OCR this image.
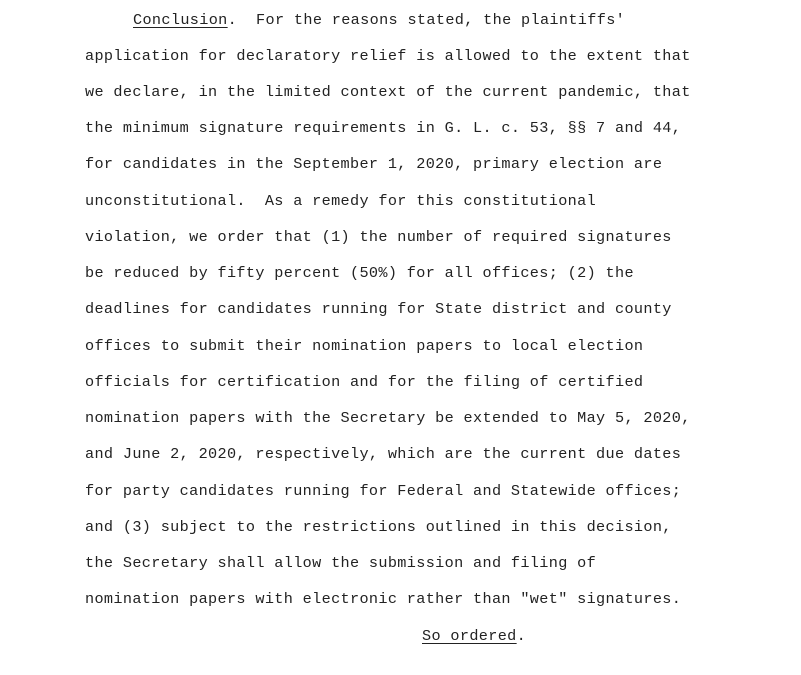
Conclusion.  For the reasons stated, the plaintiffs'
application for declaratory relief is allowed to the extent that
we declare, in the limited context of the current pandemic, that
the minimum signature requirements in G. L. c. 53, §§ 7 and 44,
for candidates in the September 1, 2020, primary election are
unconstitutional.  As a remedy for this constitutional
violation, we order that (1) the number of required signatures
be reduced by fifty percent (50%) for all offices; (2) the
deadlines for candidates running for State district and county
offices to submit their nomination papers to local election
officials for certification and for the filing of certified
nomination papers with the Secretary be extended to May 5, 2020,
and June 2, 2020, respectively, which are the current due dates
for party candidates running for Federal and Statewide offices;
and (3) subject to the restrictions outlined in this decision,
the Secretary shall allow the submission and filing of
nomination papers with electronic rather than "wet" signatures.
So ordered.
